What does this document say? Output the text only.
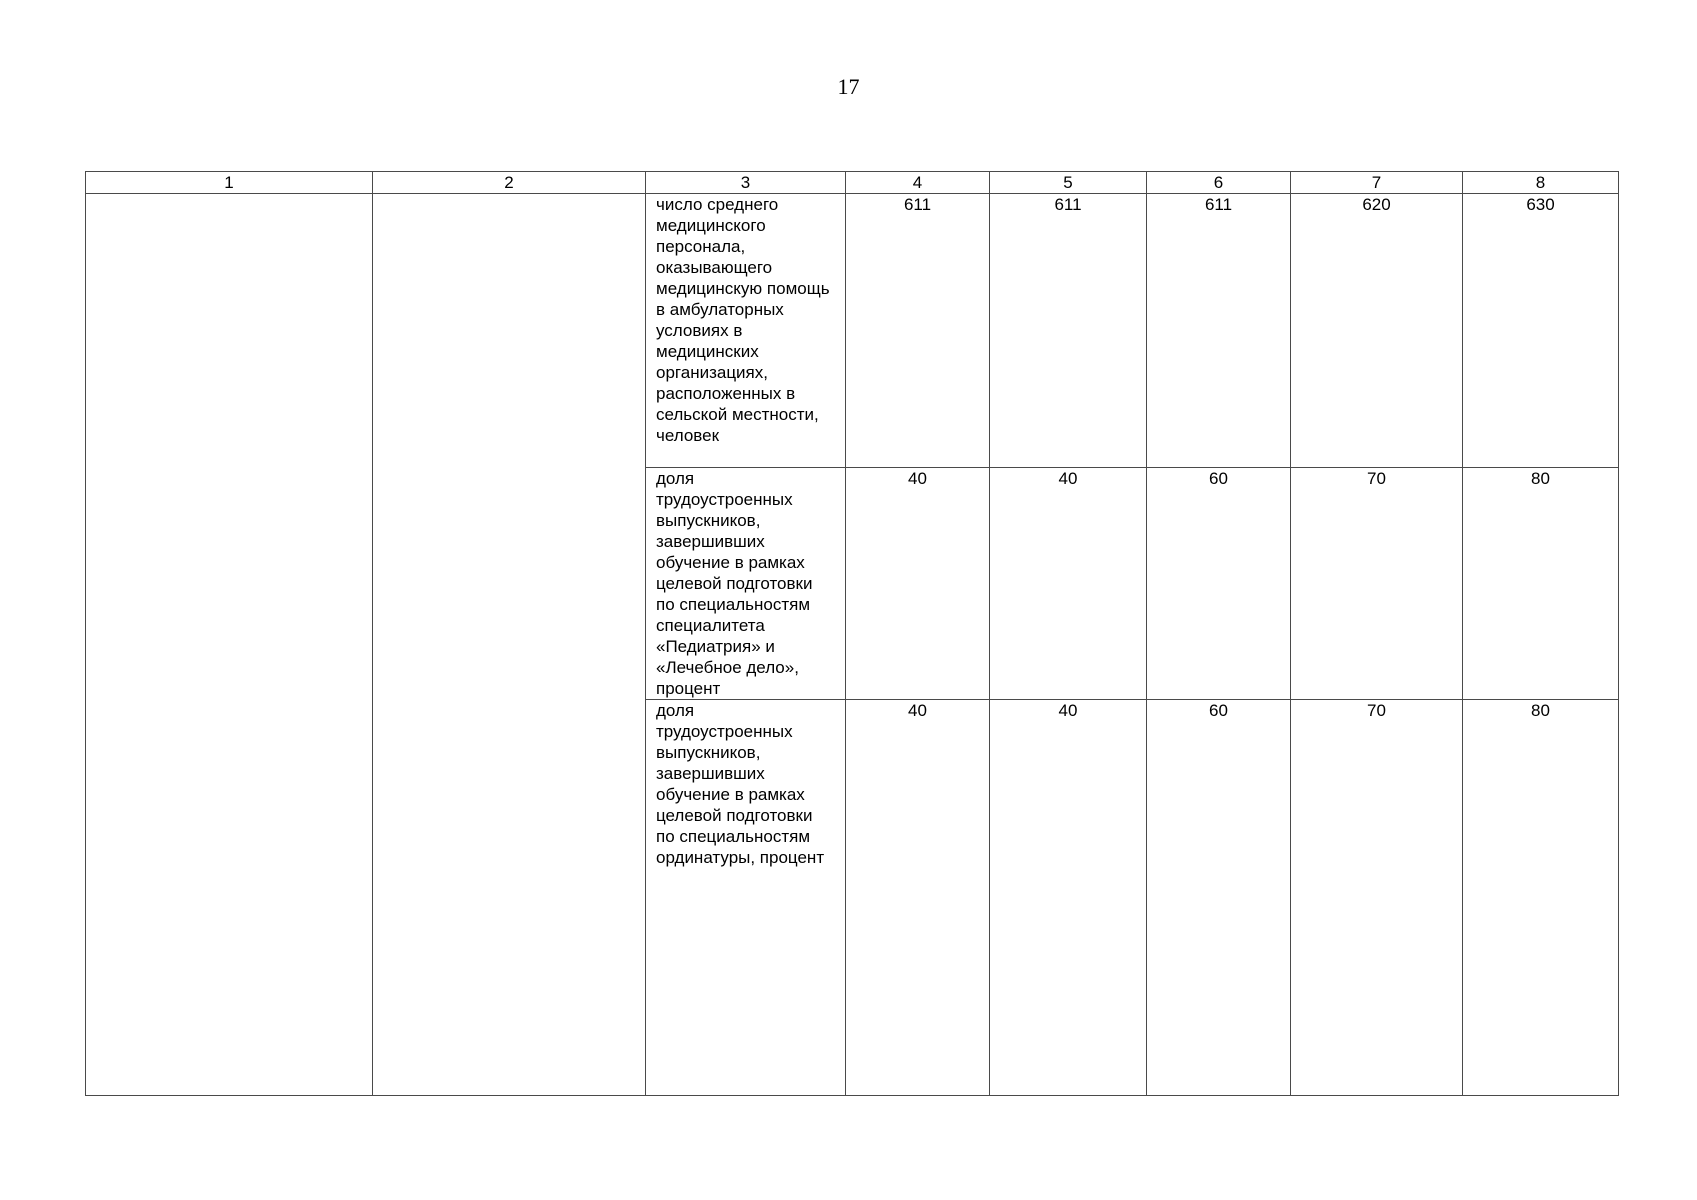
17
1	2	3	4	5	6	7	8
		число среднего медицинского персонала, оказывающего медицинскую помощь в амбулаторных условиях в медицинских организациях, расположенных в сельской местности, человек	611	611	611	620	630
		доля трудоустроенных выпускников, завершивших обучение в рамках целевой подготовки по специальностям специалитета «Педиатрия» и «Лечебное дело», процент	40	40	60	70	80
		доля трудоустроенных выпускников, завершивших обучение в рамках целевой подготовки по специальностям ординатуры, процент	40	40	60	70	80
